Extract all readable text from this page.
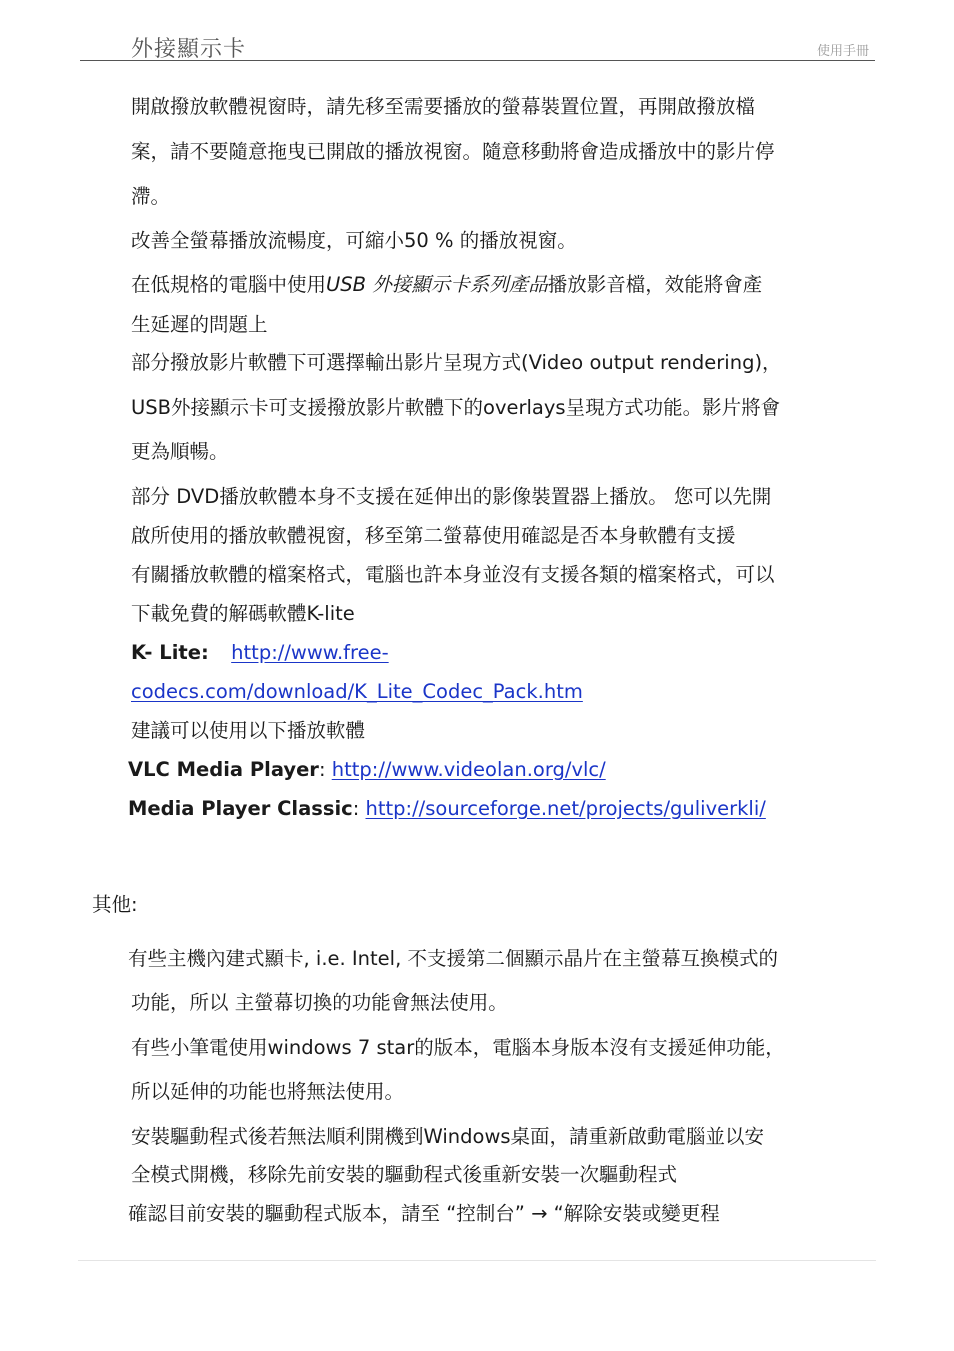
外接顯示卡	使用手冊
開啟撥放軟體視窗時，請先移至需要播放的螢幕裝置位置，再開啟撥放檔
案，請不要隨意拖曳已開啟的播放視窗。隨意移動將會造成播放中的影片停
滯。
改善全螢幕播放流暢度，可縮小50 % 的播放視窗。
在低規格的電腦中使用USB 外接顯示卡系列產品播放影音檔，效能將會產
生延遲的問題上
部分撥放影片軟體下可選擇輸出影片呈現方式(Video output rendering)，
USB外接顯示卡可支援撥放影片軟體下的overlays呈現方式功能。影片將會
更為順暢。
部分 DVD播放軟體本身不支援在延伸出的影像裝置器上播放。 您可以先開
啟所使用的播放軟體視窗，移至第二螢幕使用確認是否本身軟體有支援
有關播放軟體的檔案格式，電腦也許本身並沒有支援各類的檔案格式，可以
下載免費的解碼軟體K-lite
K- Lite: http://www.free-
codecs.com/download/K_Lite_Codec_Pack.htm
建議可以使用以下播放軟體
VLC Media Player: http://www.videolan.org/vlc/
Media Player Classic: http://sourceforge.net/projects/guliverkli/
其他:
有些主機內建式顯卡, i.e. Intel, 不支援第二個顯示晶片在主螢幕互換模式的
功能，所以 主螢幕切換的功能會無法使用。
有些小筆電使用windows 7 star的版本，電腦本身版本沒有支援延伸功能，
所以延伸的功能也將無法使用。
安裝驅動程式後若無法順利開機到Windows桌面，請重新啟動電腦並以安
全模式開機，移除先前安裝的驅動程式後重新安裝一次驅動程式
確認目前安裝的驅動程式版本，請至 “控制台” → “解除安裝或變更程
